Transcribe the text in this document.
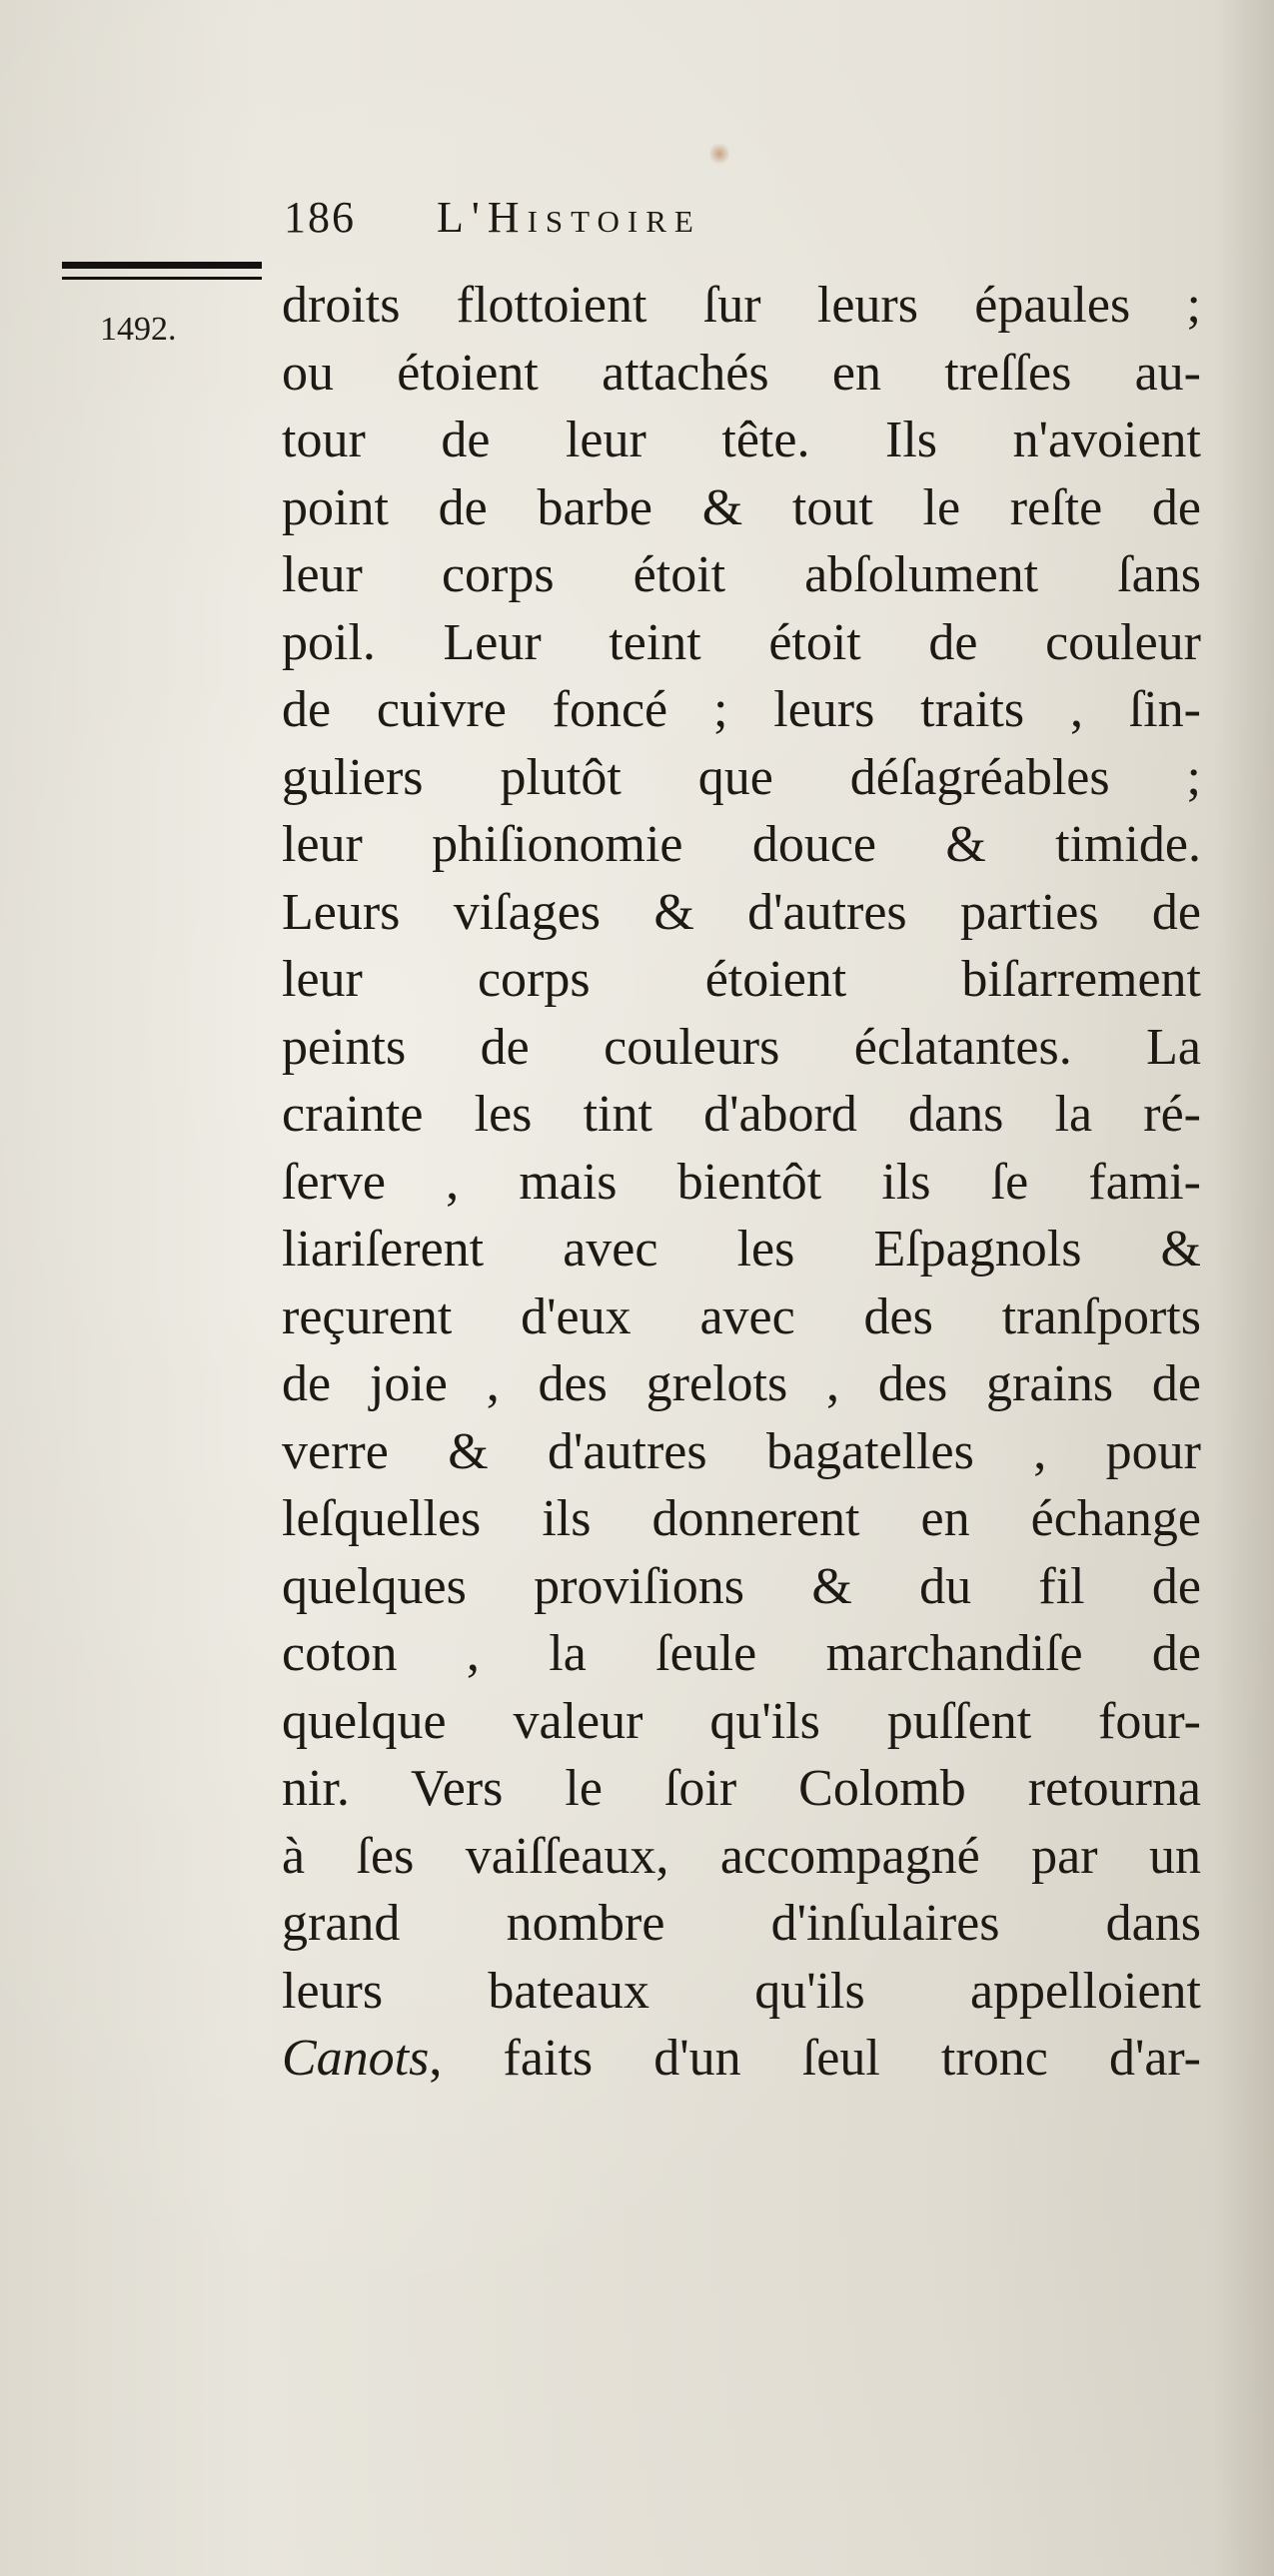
186 L'Histoire
1492. droits flottoient ſur leurs épaules ;
ou étoient attachés en treſſes au-
tour de leur tête. Ils n'avoient
point de barbe & tout le reſte de
leur corps étoit abſolument ſans
poil. Leur teint étoit de couleur
de cuivre foncé ; leurs traits , ſin-
guliers plutôt que déſagréables ;
leur phiſionomie douce & timide.
Leurs viſages & d'autres parties de
leur corps étoient biſarrement
peints de couleurs éclatantes. La
crainte les tint d'abord dans la ré-
ſerve , mais bientôt ils ſe fami-
liariſerent avec les Eſpagnols &
reçurent d'eux avec des tranſports
de joie , des grelots , des grains de
verre & d'autres bagatelles , pour
leſquelles ils donnerent en échange
quelques proviſions & du fil de
coton , la ſeule marchandiſe de
quelque valeur qu'ils puſſent four-
nir. Vers le ſoir Colomb retourna
à ſes vaiſſeaux, accompagné par un
grand nombre d'inſulaires dans
leurs bateaux qu'ils appelloient
Canots, faits d'un ſeul tronc d'ar-
